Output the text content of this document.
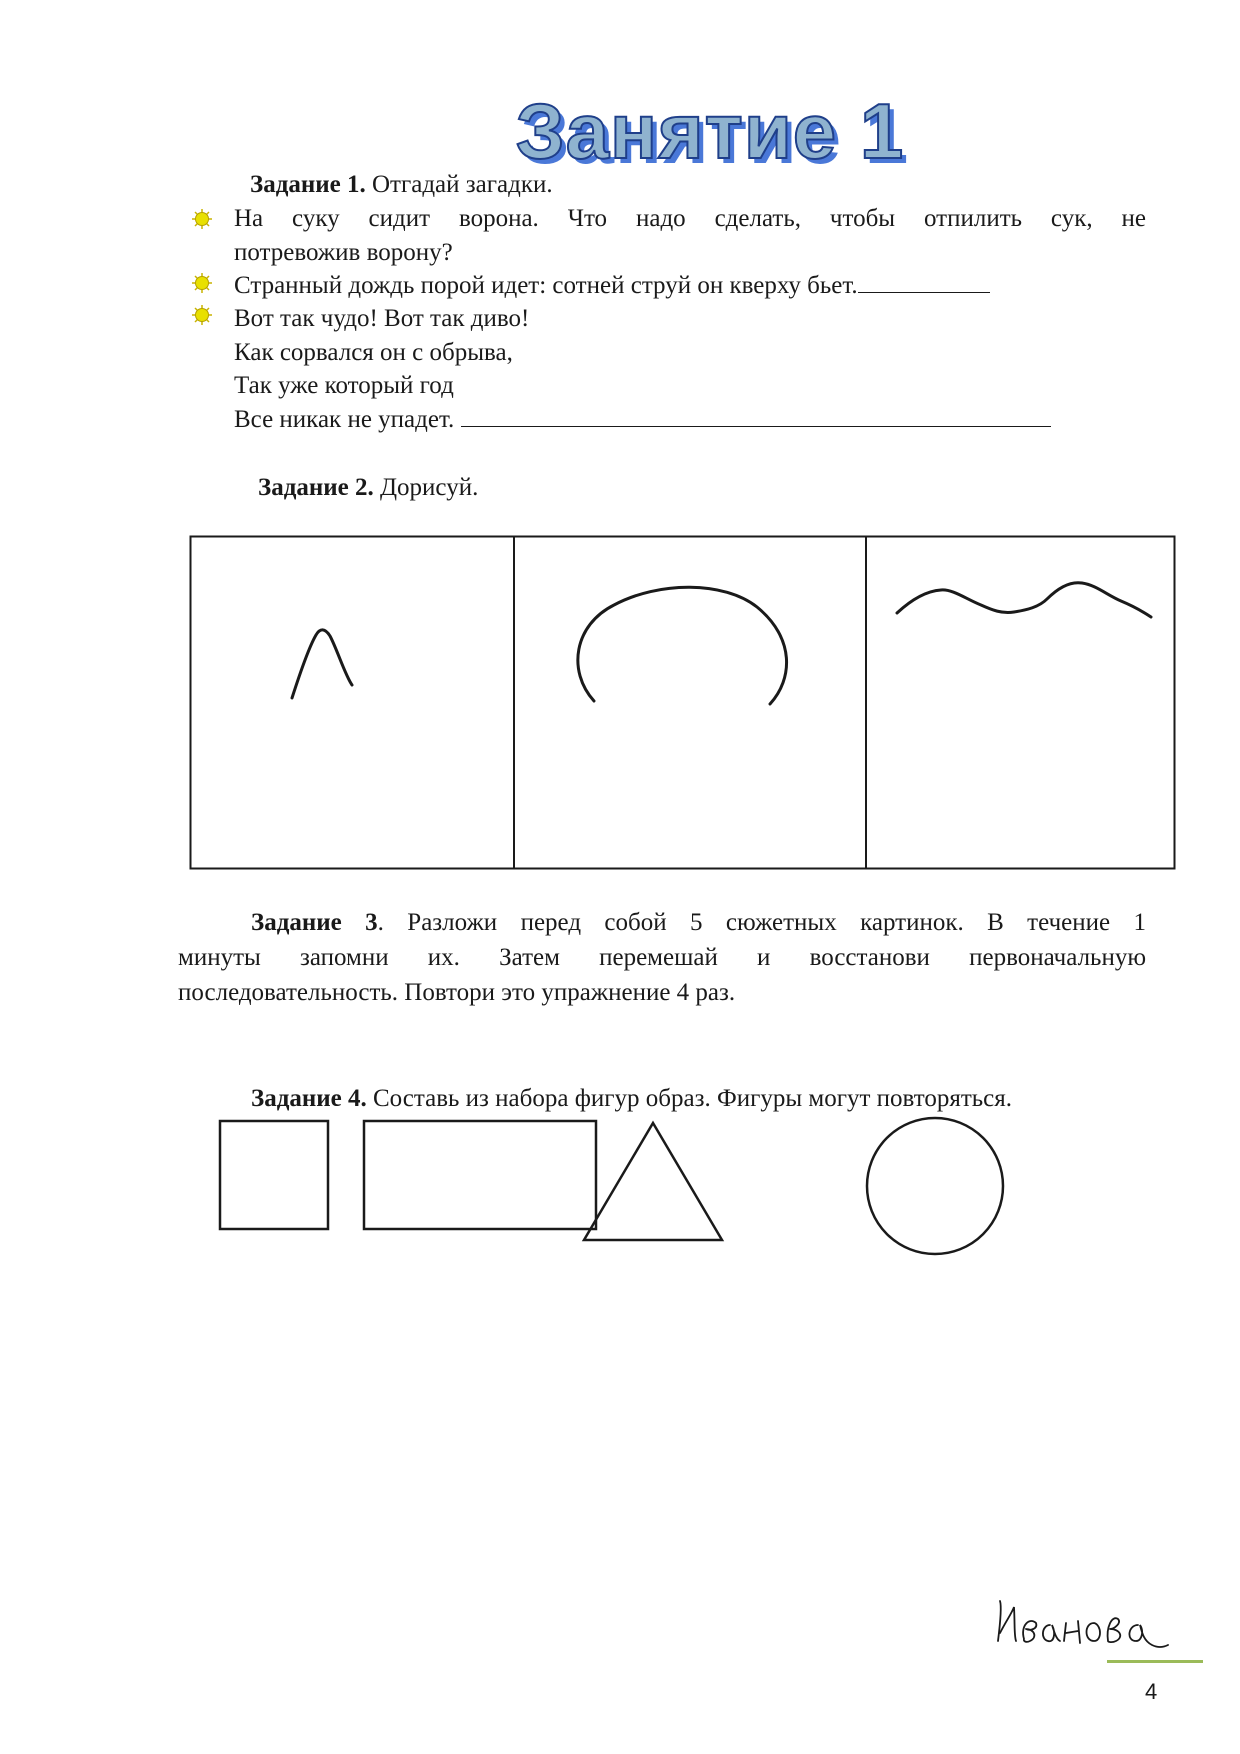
Занятие 1
Задание 1. Отгадай загадки.
На суку сидит ворона. Что надо сделать, чтобы отпилить сук, не
потревожив ворону?
Странный дождь порой идет: сотней струй он кверху бьет.
Вот так чудо! Вот так диво!
Как сорвался он с обрыва,
Так уже который год
Все никак не упадет.
Задание 2. Дорисуй.
Задание 3. Разложи перед собой 5 сюжетных картинок. В течение 1
минуты запомни их. Затем перемешай и восстанови первоначальную
последовательность. Повтори это упражнение 4 раз.
Задание 4. Составь из набора фигур образ. Фигуры могут повторяться.
4
